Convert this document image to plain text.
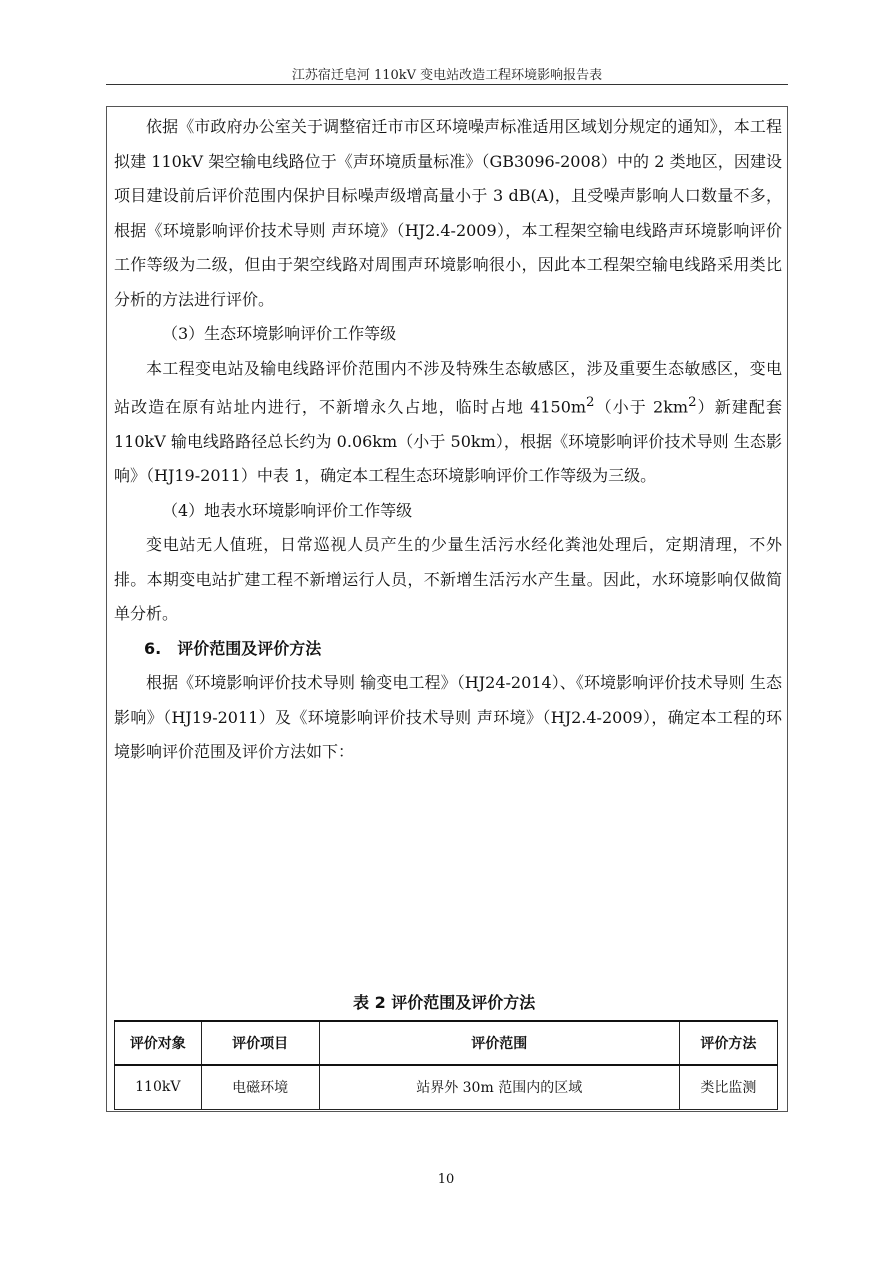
江苏宿迁皂河 110kV 变电站改造工程环境影响报告表

依据《市政府办公室关于调整宿迁市市区环境噪声标准适用区域划分规定的通知》，本工程拟建 110kV 架空输电线路位于《声环境质量标准》（GB3096-2008）中的 2 类地区，因建设项目建设前后评价范围内保护目标噪声级增高量小于 3 dB(A)，且受噪声影响人口数量不多，根据《环境影响评价技术导则 声环境》（HJ2.4-2009），本工程架空输电线路声环境影响评价工作等级为二级，但由于架空线路对周围声环境影响很小，因此本工程架空输电线路采用类比分析的方法进行评价。

（3）生态环境影响评价工作等级

本工程变电站及输电线路评价范围内不涉及特殊生态敏感区，涉及重要生态敏感区，变电站改造在原有站址内进行，不新增永久占地，临时占地 $4150m^2$（小于 $2km^2$）新建配套 110kV 输电线路路径总长约为 0.06km（小于 50km），根据《环境影响评价技术导则 生态影响》（HJ19-2011）中表 1，确定本工程生态环境影响评价工作等级为三级。

（4）地表水环境影响评价工作等级

变电站无人值班，日常巡视人员产生的少量生活污水经化粪池处理后，定期清理，不外排。本期变电站扩建工程不新增运行人员，不新增生活污水产生量。因此，水环境影响仅做简单分析。

6.　评价范围及评价方法

根据《环境影响评价技术导则 输变电工程》（HJ24-2014）、《环境影响评价技术导则 生态影响》（HJ19-2011）及《环境影响评价技术导则 声环境》（HJ2.4-2009），确定本工程的环境影响评价范围及评价方法如下：

表 2 评价范围及评价方法
评价对象	评价项目	评价范围	评价方法
110kV	电磁环境	站界外 30m 范围内的区域	类比监测
10
